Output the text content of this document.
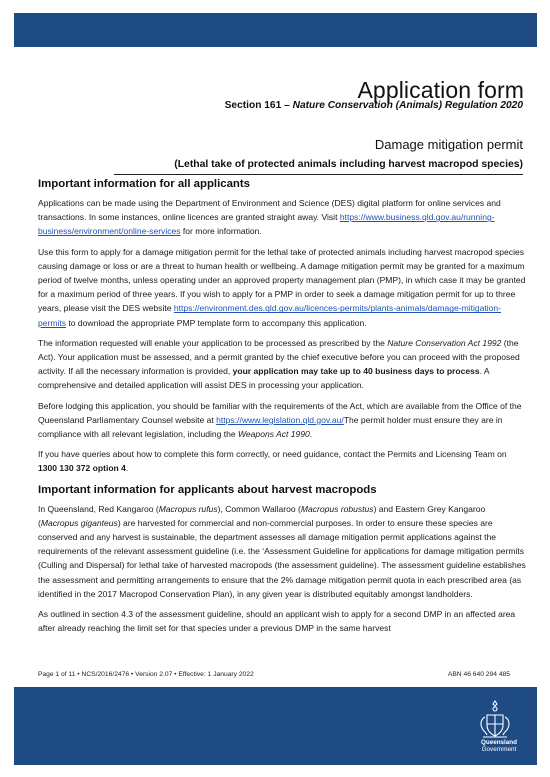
Application form
Section 161 – Nature Conservation (Animals) Regulation 2020
Damage mitigation permit
(Lethal take of protected animals including harvest macropod species)
Important information for all applicants

Applications can be made using the Department of Environment and Science (DES) digital platform for online services and transactions. In some instances, online licences are granted straight away. Visit https://www.business.qld.gov.au/running-business/environment/online-services for more information.

Use this form to apply for a damage mitigation permit for the lethal take of protected animals including harvest macropod species causing damage or loss or are a threat to human health or wellbeing. A damage mitigation permit may be granted for a maximum period of twelve months, unless operating under an approved property management plan (PMP), in which case it may be granted for a maximum period of three years. If you wish to apply for a PMP in order to seek a damage mitigation permit for up to three years, please visit the DES website https://environment.des.qld.gov.au/licences-permits/plants-animals/damage-mitigation-permits to download the appropriate PMP template form to accompany this application.

The information requested will enable your application to be processed as prescribed by the Nature Conservation Act 1992 (the Act). Your application must be assessed, and a permit granted by the chief executive before you can proceed with the proposed activity. If all the necessary information is provided, your application may take up to 40 business days to process. A comprehensive and detailed application will assist DES in processing your application.

Before lodging this application, you should be familiar with the requirements of the Act, which are available from the Office of the Queensland Parliamentary Counsel website at https://www.legislation.qld.gov.au/The permit holder must ensure they are in compliance with all relevant legislation, including the Weapons Act 1990.

If you have queries about how to complete this form correctly, or need guidance, contact the Permits and Licensing Team on 1300 130 372 option 4.

Important information for applicants about harvest macropods

In Queensland, Red Kangaroo (Macropus rufus), Common Wallaroo (Macropus robustus) and Eastern Grey Kangaroo (Macropus giganteus) are harvested for commercial and non-commercial purposes. In order to ensure these species are conserved and any harvest is sustainable, the department assesses all damage mitigation permit applications against the requirements of the relevant assessment guideline (i.e. the ‘Assessment Guideline for applications for damage mitigation permits (Culling and Dispersal) for lethal take of harvested macropods (the assessment guideline). The assessment guideline establishes the assessment and permitting arrangements to ensure that the 2% damage mitigation permit quota in each prescribed area (as identified in the 2017 Macropod Conservation Plan), in any given year is distributed equitably amongst landholders.

As outlined in section 4.3 of the assessment guideline, should an applicant wish to apply for a second DMP in an affected area after already reaching the limit set for that species under a previous DMP in the same harvest

Page 1 of 11 • NCS/2016/2476 • Version 2.07 • Effective: 1 January 2022	ABN 46 640 294 485
Queensland
Government
